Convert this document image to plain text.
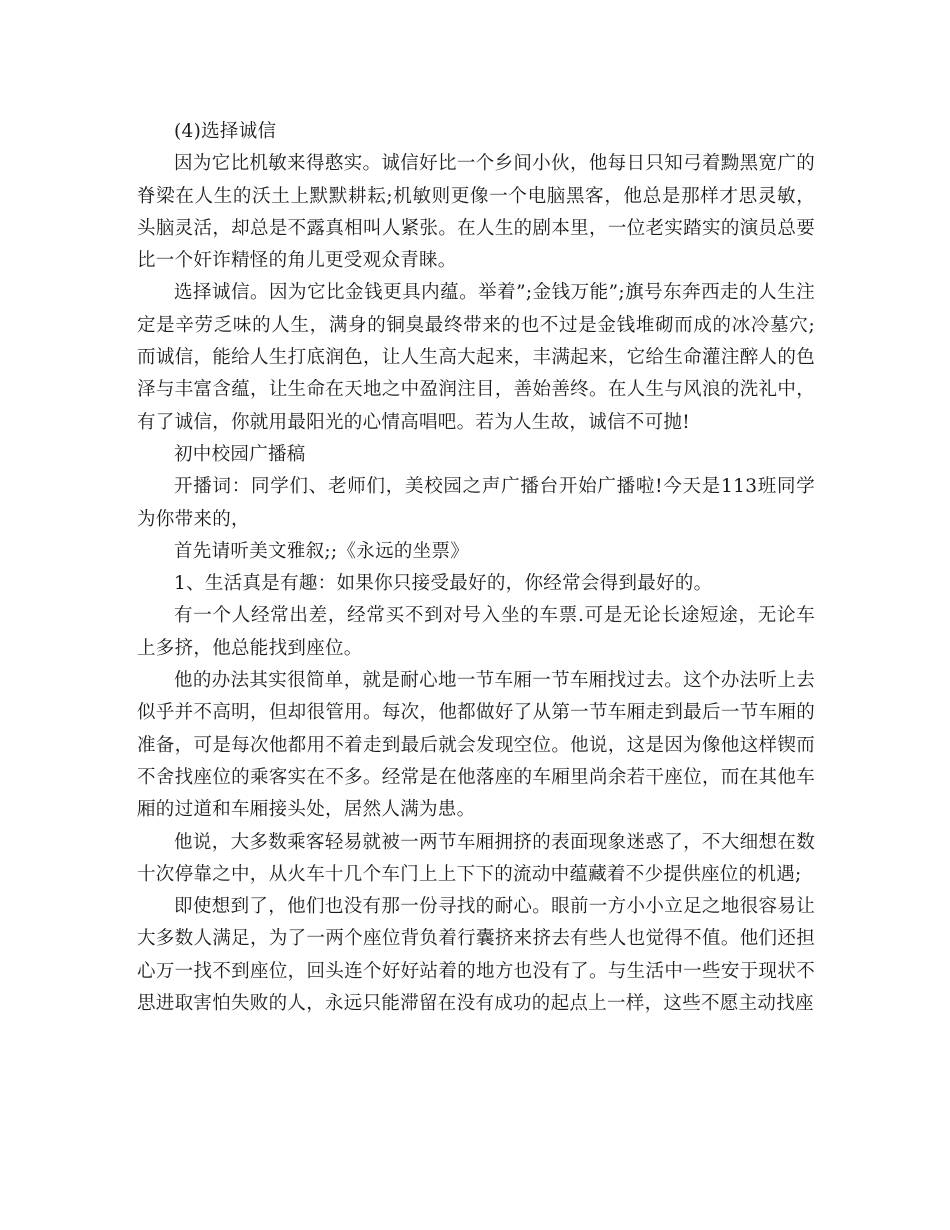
(4)选择诚信

因为它比机敏来得憨实。诚信好比一个乡间小伙，他每日只知弓着黝黑宽广的脊梁在人生的沃土上默默耕耘;机敏则更像一个电脑黑客，他总是那样才思灵敏，头脑灵活，却总是不露真相叫人紧张。在人生的剧本里，一位老实踏实的演员总要比一个奸诈精怪的角儿更受观众青睐。

选择诚信。因为它比金钱更具内蕴。举着”;金钱万能”;旗号东奔西走的人生注定是辛劳乏味的人生，满身的铜臭最终带来的也不过是金钱堆砌而成的冰冷墓穴;而诚信，能给人生打底润色，让人生高大起来，丰满起来，它给生命灌注醉人的色泽与丰富含蕴，让生命在天地之中盈润注目，善始善终。在人生与风浪的洗礼中，有了诚信，你就用最阳光的心情高唱吧。若为人生故，诚信不可抛!

初中校园广播稿

开播词：同学们、老师们，美校园之声广播台开始广播啦!今天是113班同学为你带来的，

首先请听美文雅叙;;《永远的坐票》

1、生活真是有趣：如果你只接受最好的，你经常会得到最好的。

有一个人经常出差，经常买不到对号入坐的车票.可是无论长途短途，无论车上多挤，他总能找到座位。

他的办法其实很简单，就是耐心地一节车厢一节车厢找过去。这个办法听上去似乎并不高明，但却很管用。每次，他都做好了从第一节车厢走到最后一节车厢的准备，可是每次他都用不着走到最后就会发现空位。他说，这是因为像他这样锲而不舍找座位的乘客实在不多。经常是在他落座的车厢里尚余若干座位，而在其他车厢的过道和车厢接头处，居然人满为患。

他说，大多数乘客轻易就被一两节车厢拥挤的表面现象迷惑了，不大细想在数十次停靠之中，从火车十几个车门上上下下的流动中蕴藏着不少提供座位的机遇;

即使想到了，他们也没有那一份寻找的耐心。眼前一方小小立足之地很容易让大多数人满足，为了一两个座位背负着行囊挤来挤去有些人也觉得不值。他们还担心万一找不到座位，回头连个好好站着的地方也没有了。与生活中一些安于现状不思进取害怕失败的人，永远只能滞留在没有成功的起点上一样，这些不愿主动找座
